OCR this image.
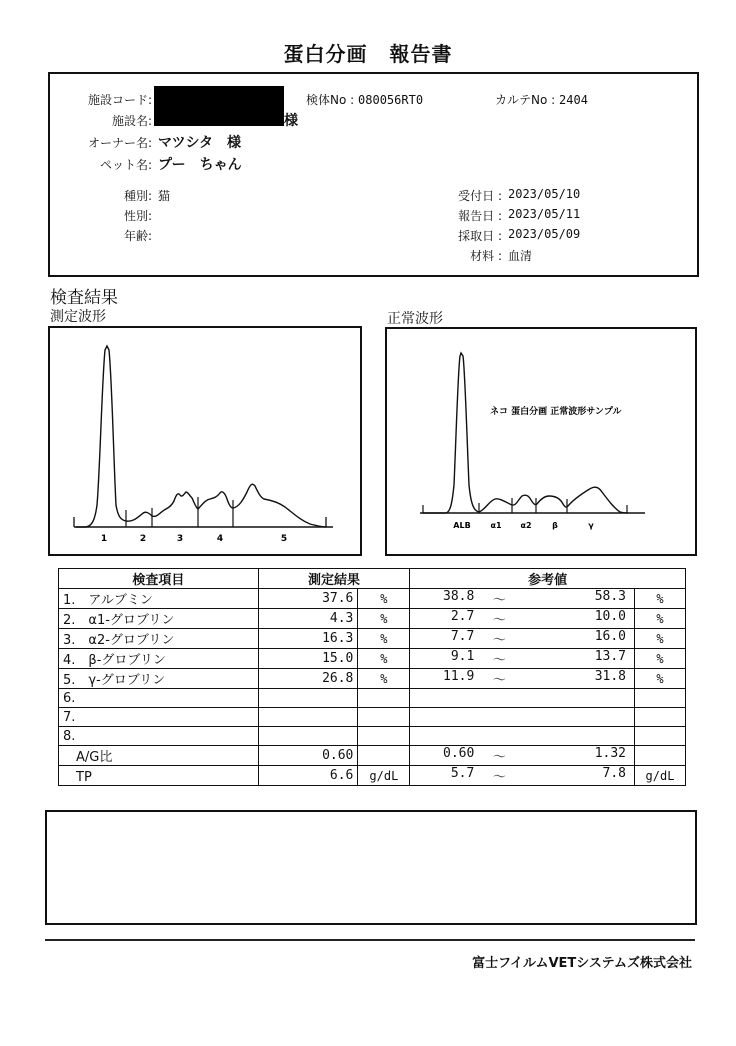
蛋白分画 報告書
施設コード:
施設名:	様
オーナー名: マツシタ　様
ペット名: プー　ちゃん
検体No : 080056RT0	カルテNo : 2404
種別: 猫
性別:
年齢:
受付日 : 2023/05/10
報告日 : 2023/05/11
採取日 : 2023/05/09
材料 : 血清
検査結果
測定波形	正常波形
1	2	3	4	5
ネコ 蛋白分画 正常波形サンプル
ALB α1 α2	β	γ
検査項目	測定結果		参考値	
1.　アルブミン	37.6	%	38.8 ～ 58.3	%
2.　α1-グロブリン	4.3	%	2.7 ～ 10.0	%
3.　α2-グロブリン	16.3	%	7.7 ～ 16.0	%
4.　β-グロブリン	15.0	%	9.1 ～ 13.7	%
5.　γ-グロブリン	26.8	%	11.9 ～ 31.8	%
6.			

7.			

8.			

　A/G比	0.60		0.60 ～ 1.32	

　TP	6.6	g/dL	5.7 ～ 7.8	g/dL
富士フイルムVETシステムズ株式会社
